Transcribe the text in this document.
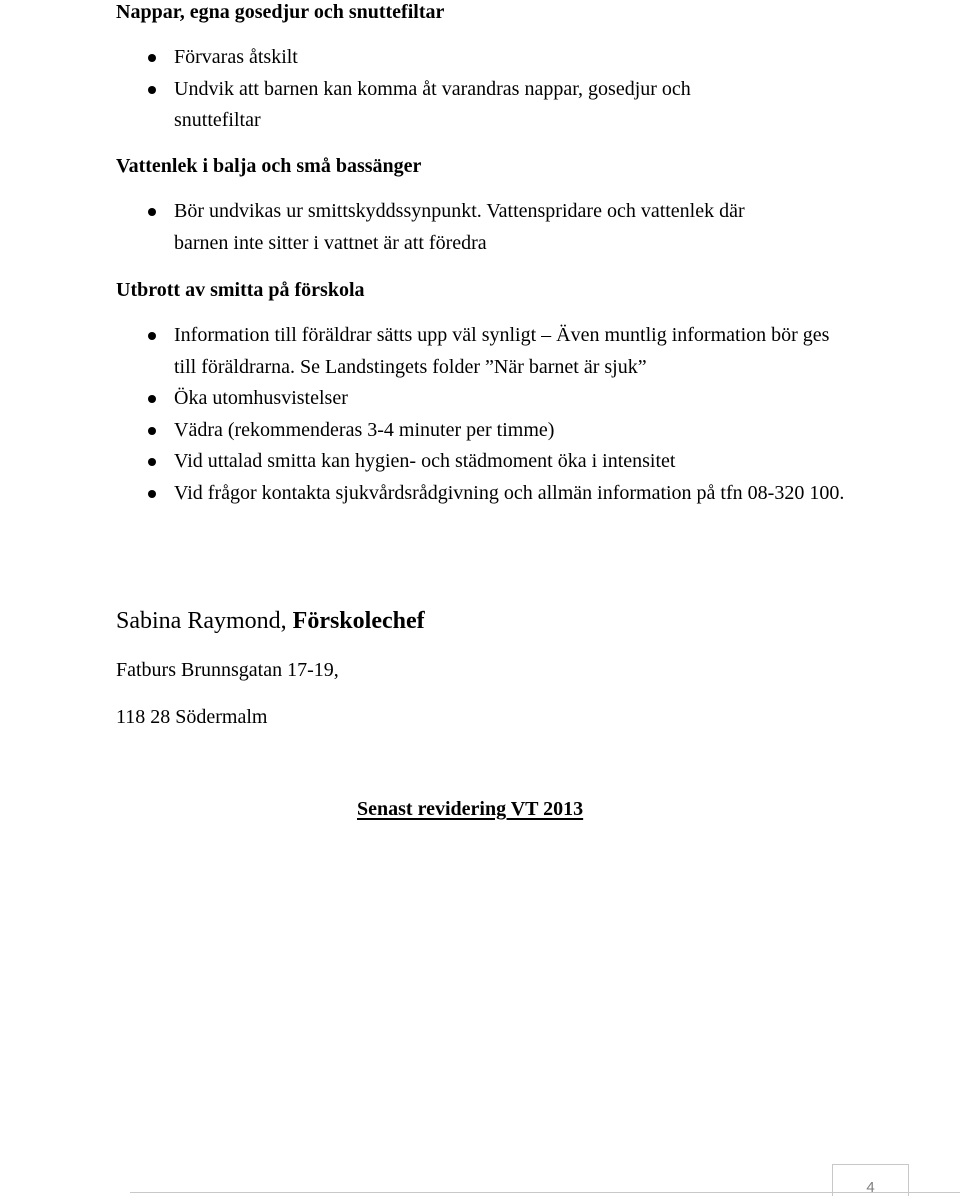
Nappar, egna gosedjur och snuttefiltar
Förvaras åtskilt
Undvik att barnen kan komma åt varandras nappar, gosedjur och snuttefiltar
Vattenlek i balja och små bassänger
Bör undvikas ur smittskyddssynpunkt. Vattenspridare och vattenlek där barnen inte sitter i vattnet är att föredra
Utbrott av smitta på förskola
Information till föräldrar sätts upp väl synligt – Även muntlig information bör ges till föräldrarna. Se Landstingets folder ”När barnet är sjuk”
Öka utomhusvistelser
Vädra (rekommenderas 3-4 minuter per timme)
Vid uttalad smitta kan hygien- och städmoment öka i intensitet
Vid frågor kontakta sjukvårdsrådgivning och allmän information på tfn 08-320 100.

Sabina Raymond, Förskolechef

Fatburs Brunnsgatan 17-19,

118 28 Södermalm

Senast revidering VT 2013

4
